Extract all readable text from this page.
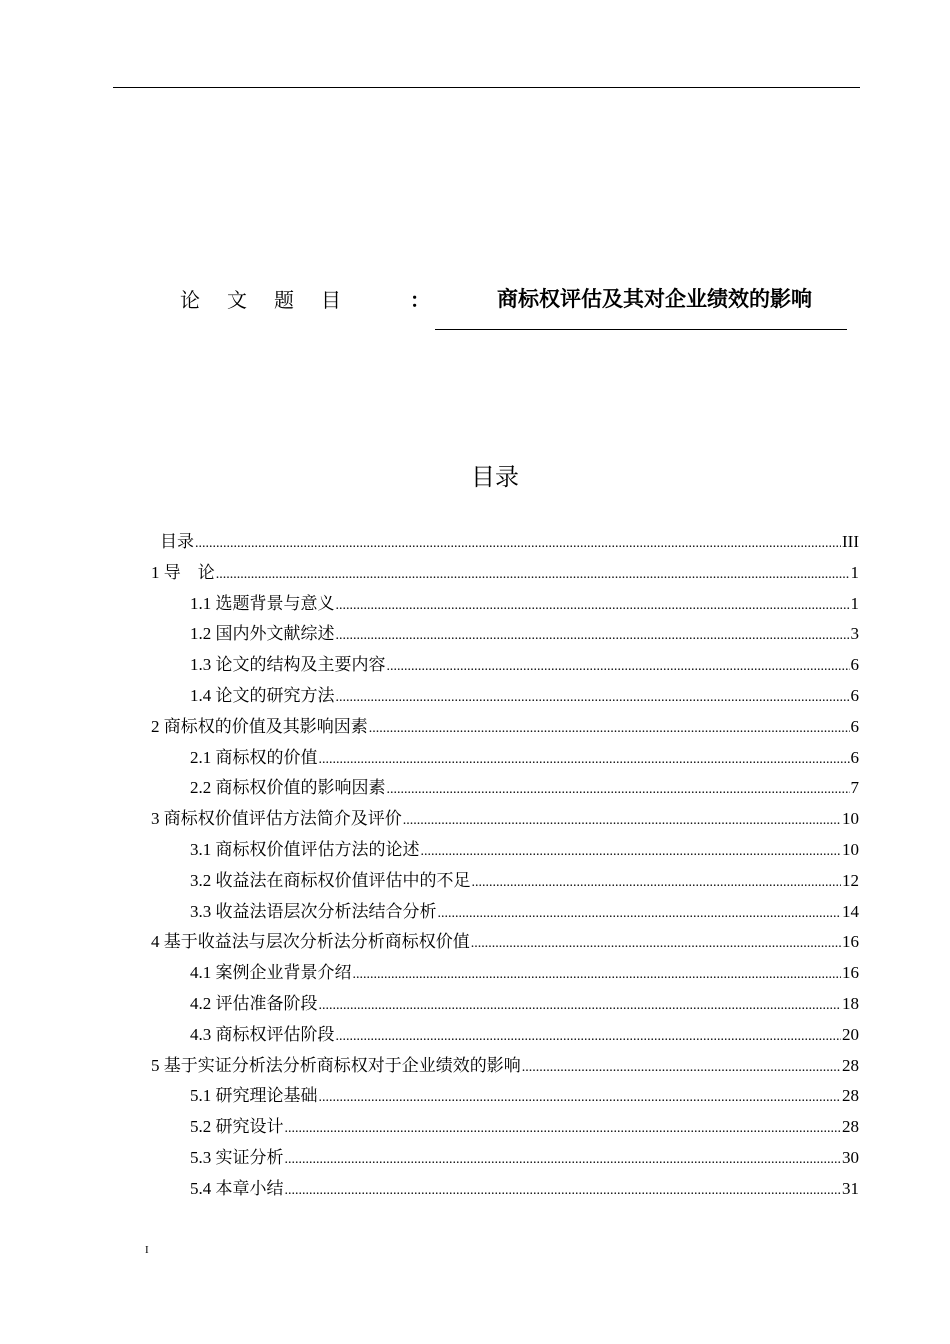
论文题目 ：	商标权评估及其对企业绩效的影响
目录
目录 .....	III
1 导　论 .....	1
1.1 选题背景与意义 .....	1
1.2 国内外文献综述 .....	3
1.3 论文的结构及主要内容 .....	6
1.4 论文的研究方法 .....	6
2 商标权的价值及其影响因素 .....	6
2.1 商标权的价值 .....	6
2.2 商标权价值的影响因素 .....	7
3 商标权价值评估方法简介及评价 .....	10
3.1 商标权价值评估方法的论述 .....	10
3.2 收益法在商标权价值评估中的不足 .....	12
3.3 收益法语层次分析法结合分析 .....	14
4 基于收益法与层次分析法分析商标权价值 .....	16
4.1 案例企业背景介绍 .....	16
4.2 评估准备阶段 .....	18
4.3 商标权评估阶段 .....	20
5 基于实证分析法分析商标权对于企业绩效的影响 .....	28
5.1 研究理论基础 .....	28
5.2 研究设计 .....	28
5.3 实证分析 .....	30
5.4 本章小结 .....	31
I
